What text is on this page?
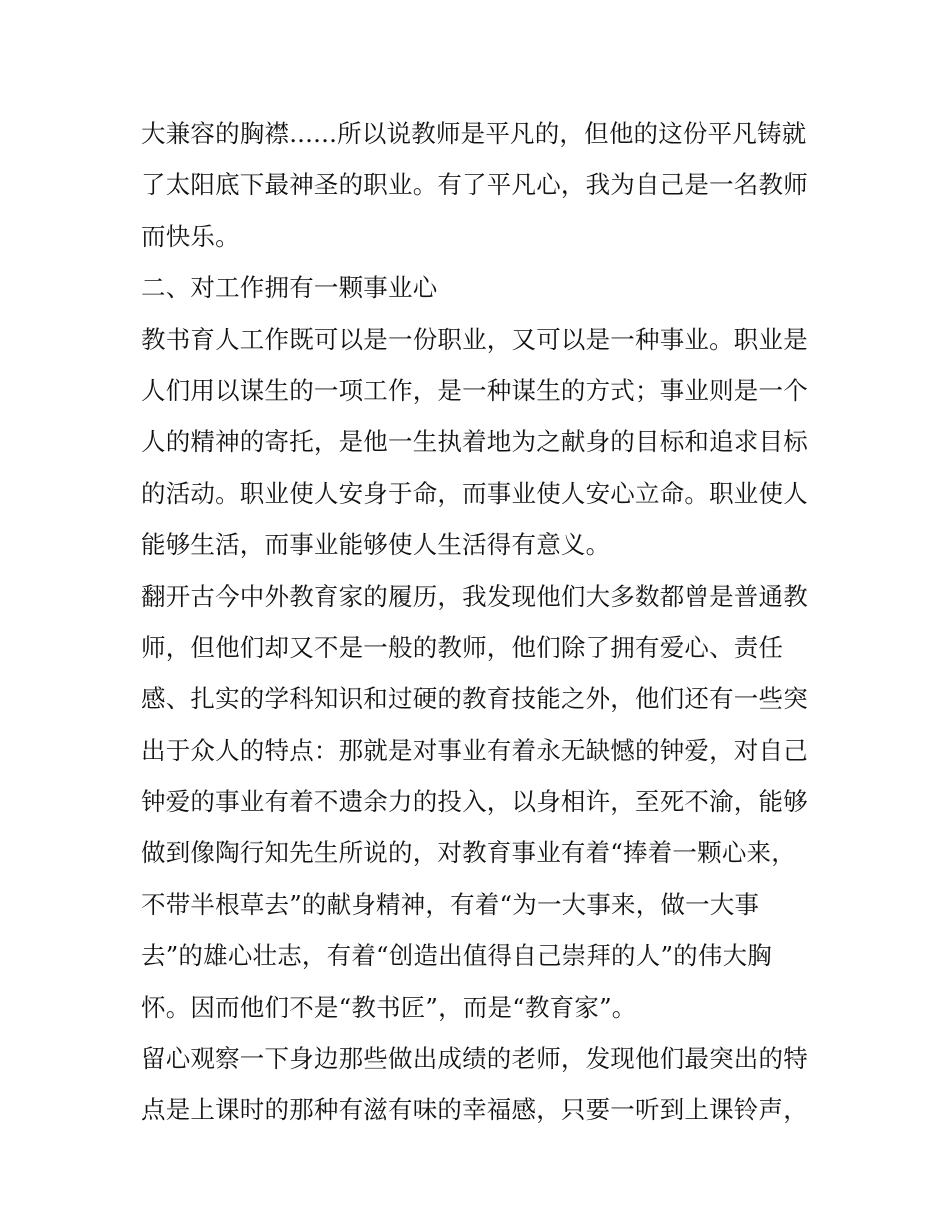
大兼容的胸襟......所以说教师是平凡的，但他的这份平凡铸就
了太阳底下最神圣的职业。有了平凡心，我为自己是一名教师
而快乐。
二、对工作拥有一颗事业心
教书育人工作既可以是一份职业，又可以是一种事业。职业是
人们用以谋生的一项工作，是一种谋生的方式；事业则是一个
人的精神的寄托，是他一生执着地为之献身的目标和追求目标
的活动。职业使人安身于命，而事业使人安心立命。职业使人
能够生活，而事业能够使人生活得有意义。
翻开古今中外教育家的履历，我发现他们大多数都曾是普通教
师，但他们却又不是一般的教师，他们除了拥有爱心、责任
感、扎实的学科知识和过硬的教育技能之外，他们还有一些突
出于众人的特点：那就是对事业有着永无缺憾的钟爱，对自己
钟爱的事业有着不遗余力的投入，以身相许，至死不渝，能够
做到像陶行知先生所说的，对教育事业有着“捧着一颗心来，
不带半根草去”的献身精神，有着“为一大事来，做一大事
去”的雄心壮志，有着“创造出值得自己崇拜的人”的伟大胸
怀。因而他们不是“教书匠”，而是“教育家”。
留心观察一下身边那些做出成绩的老师，发现他们最突出的特
点是上课时的那种有滋有味的幸福感，只要一听到上课铃声，
